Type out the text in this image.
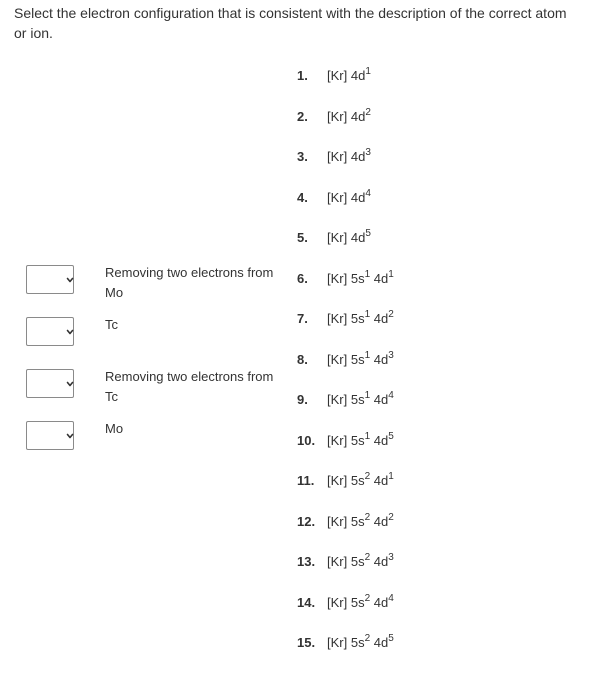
Select the electron configuration that is consistent with the description of the correct atom or ion.

Removing two electrons from Mo
Tc
Removing two electrons from Tc
Mo
1. [Kr] $4d^1$
2. [Kr] $4d^2$
3. [Kr] $4d^3$
4. [Kr] $4d^4$
5. [Kr] $4d^5$
6. [Kr] $5s^1$ $4d^1$
7. [Kr] $5s^1$ $4d^2$
8. [Kr] $5s^1$ $4d^3$
9. [Kr] $5s^1$ $4d^4$
10. [Kr] $5s^1$ $4d^5$
11. [Kr] $5s^2$ $4d^1$
12. [Kr] $5s^2$ $4d^2$
13. [Kr] $5s^2$ $4d^3$
14. [Kr] $5s^2$ $4d^4$
15. [Kr] $5s^2$ $4d^5$
